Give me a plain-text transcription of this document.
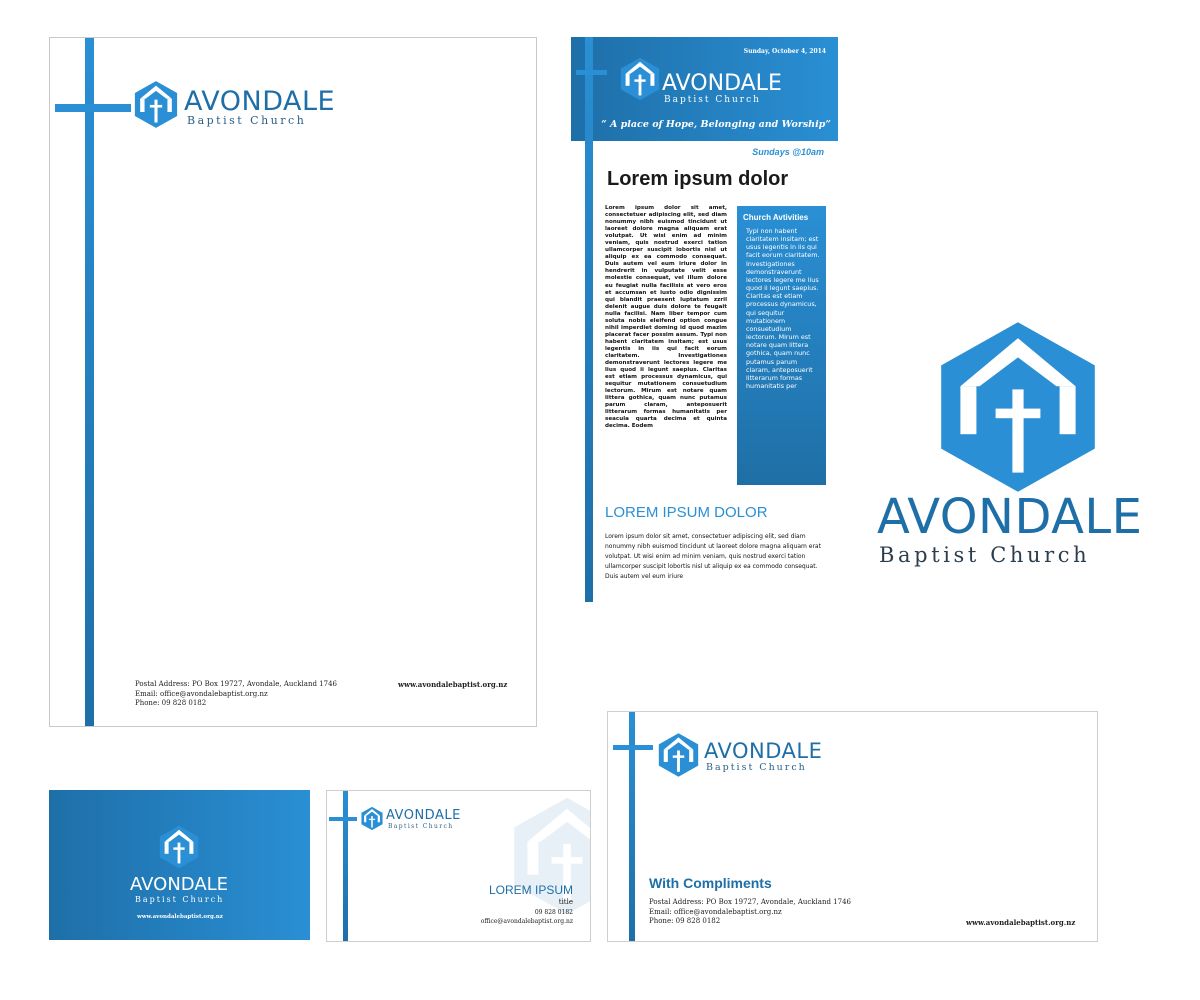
AVONDALE
Baptist Church
Postal Address: PO Box 19727, Avondale, Auckland 1746
Email: office@avondalebaptist.org.nz
Phone: 09 828 0182
www.avondalebaptist.org.nz
Sunday, October 4, 2014
AVONDALE
Baptist Church
“ A place of Hope, Belonging and Worship”
Sundays @10am
Lorem ipsum dolor
Lorem ipsum dolor sit amet, consectetuer adipiscing elit, sed diam nonummy nibh euismod tincidunt ut laoreet dolore magna aliquam erat volutpat. Ut wisi enim ad minim veniam, quis nostrud exerci tation ullamcorper suscipit lobortis nisl ut aliquip ex ea commodo consequat. Duis autem vel eum iriure dolor in hendrerit in vulputate velit esse molestie consequat, vel illum dolore eu feugiat nulla facilisis at vero eros et accumsan et iusto odio dignissim qui blandit praesent luptatum zzril delenit augue duis dolore te feugait nulla facilisi. Nam liber tempor cum soluta nobis eleifend option congue nihil imperdiet doming id quod mazim placerat facer possim assum. Typi non habent claritatem insitam; est usus legentis in iis qui facit eorum claritatem. Investigationes demonstraverunt lectores legere me lius quod ii legunt saepius. Claritas est etiam processus dynamicus, qui sequitur mutationem consuetudium lectorum. Mirum est notare quam littera gothica, quam nunc putamus parum claram, anteposuerit litterarum formas humanitatis per seacula quarta decima et quinta decima. Eodem
Church Avtivities
Typi non habent claritatem insitam; est usus legentis in iis qui facit eorum claritatem. Investigationes demonstraverunt lectores legere me lius quod ii legunt saepius. Claritas est etiam processus dynamicus, qui sequitur mutationem consuetudium lectorum. Mirum est notare quam littera gothica, quam nunc putamus parum claram, anteposuerit litterarum formas humanitatis per
LOREM IPSUM DOLOR
Lorem ipsum dolor sit amet, consectetuer adipiscing elit, sed diam nonummy nibh euismod tincidunt ut laoreet dolore magna aliquam erat volutpat. Ut wisi enim ad minim veniam, quis nostrud exerci tation ullamcorper suscipit lobortis nisl ut aliquip ex ea commodo consequat. Duis autem vel eum iriure
AVONDALE
Baptist Church
AVONDALE
Baptist Church
www.avondalebaptist.org.nz
AVONDALE
Baptist Church
LOREM IPSUM
title
09 828 0182
office@avondalebaptist.org.nz
AVONDALE
Baptist Church
With Compliments
Postal Address: PO Box 19727, Avondale, Auckland 1746
Email: office@avondalebaptist.org.nz
Phone: 09 828 0182	www.avondalebaptist.org.nz
